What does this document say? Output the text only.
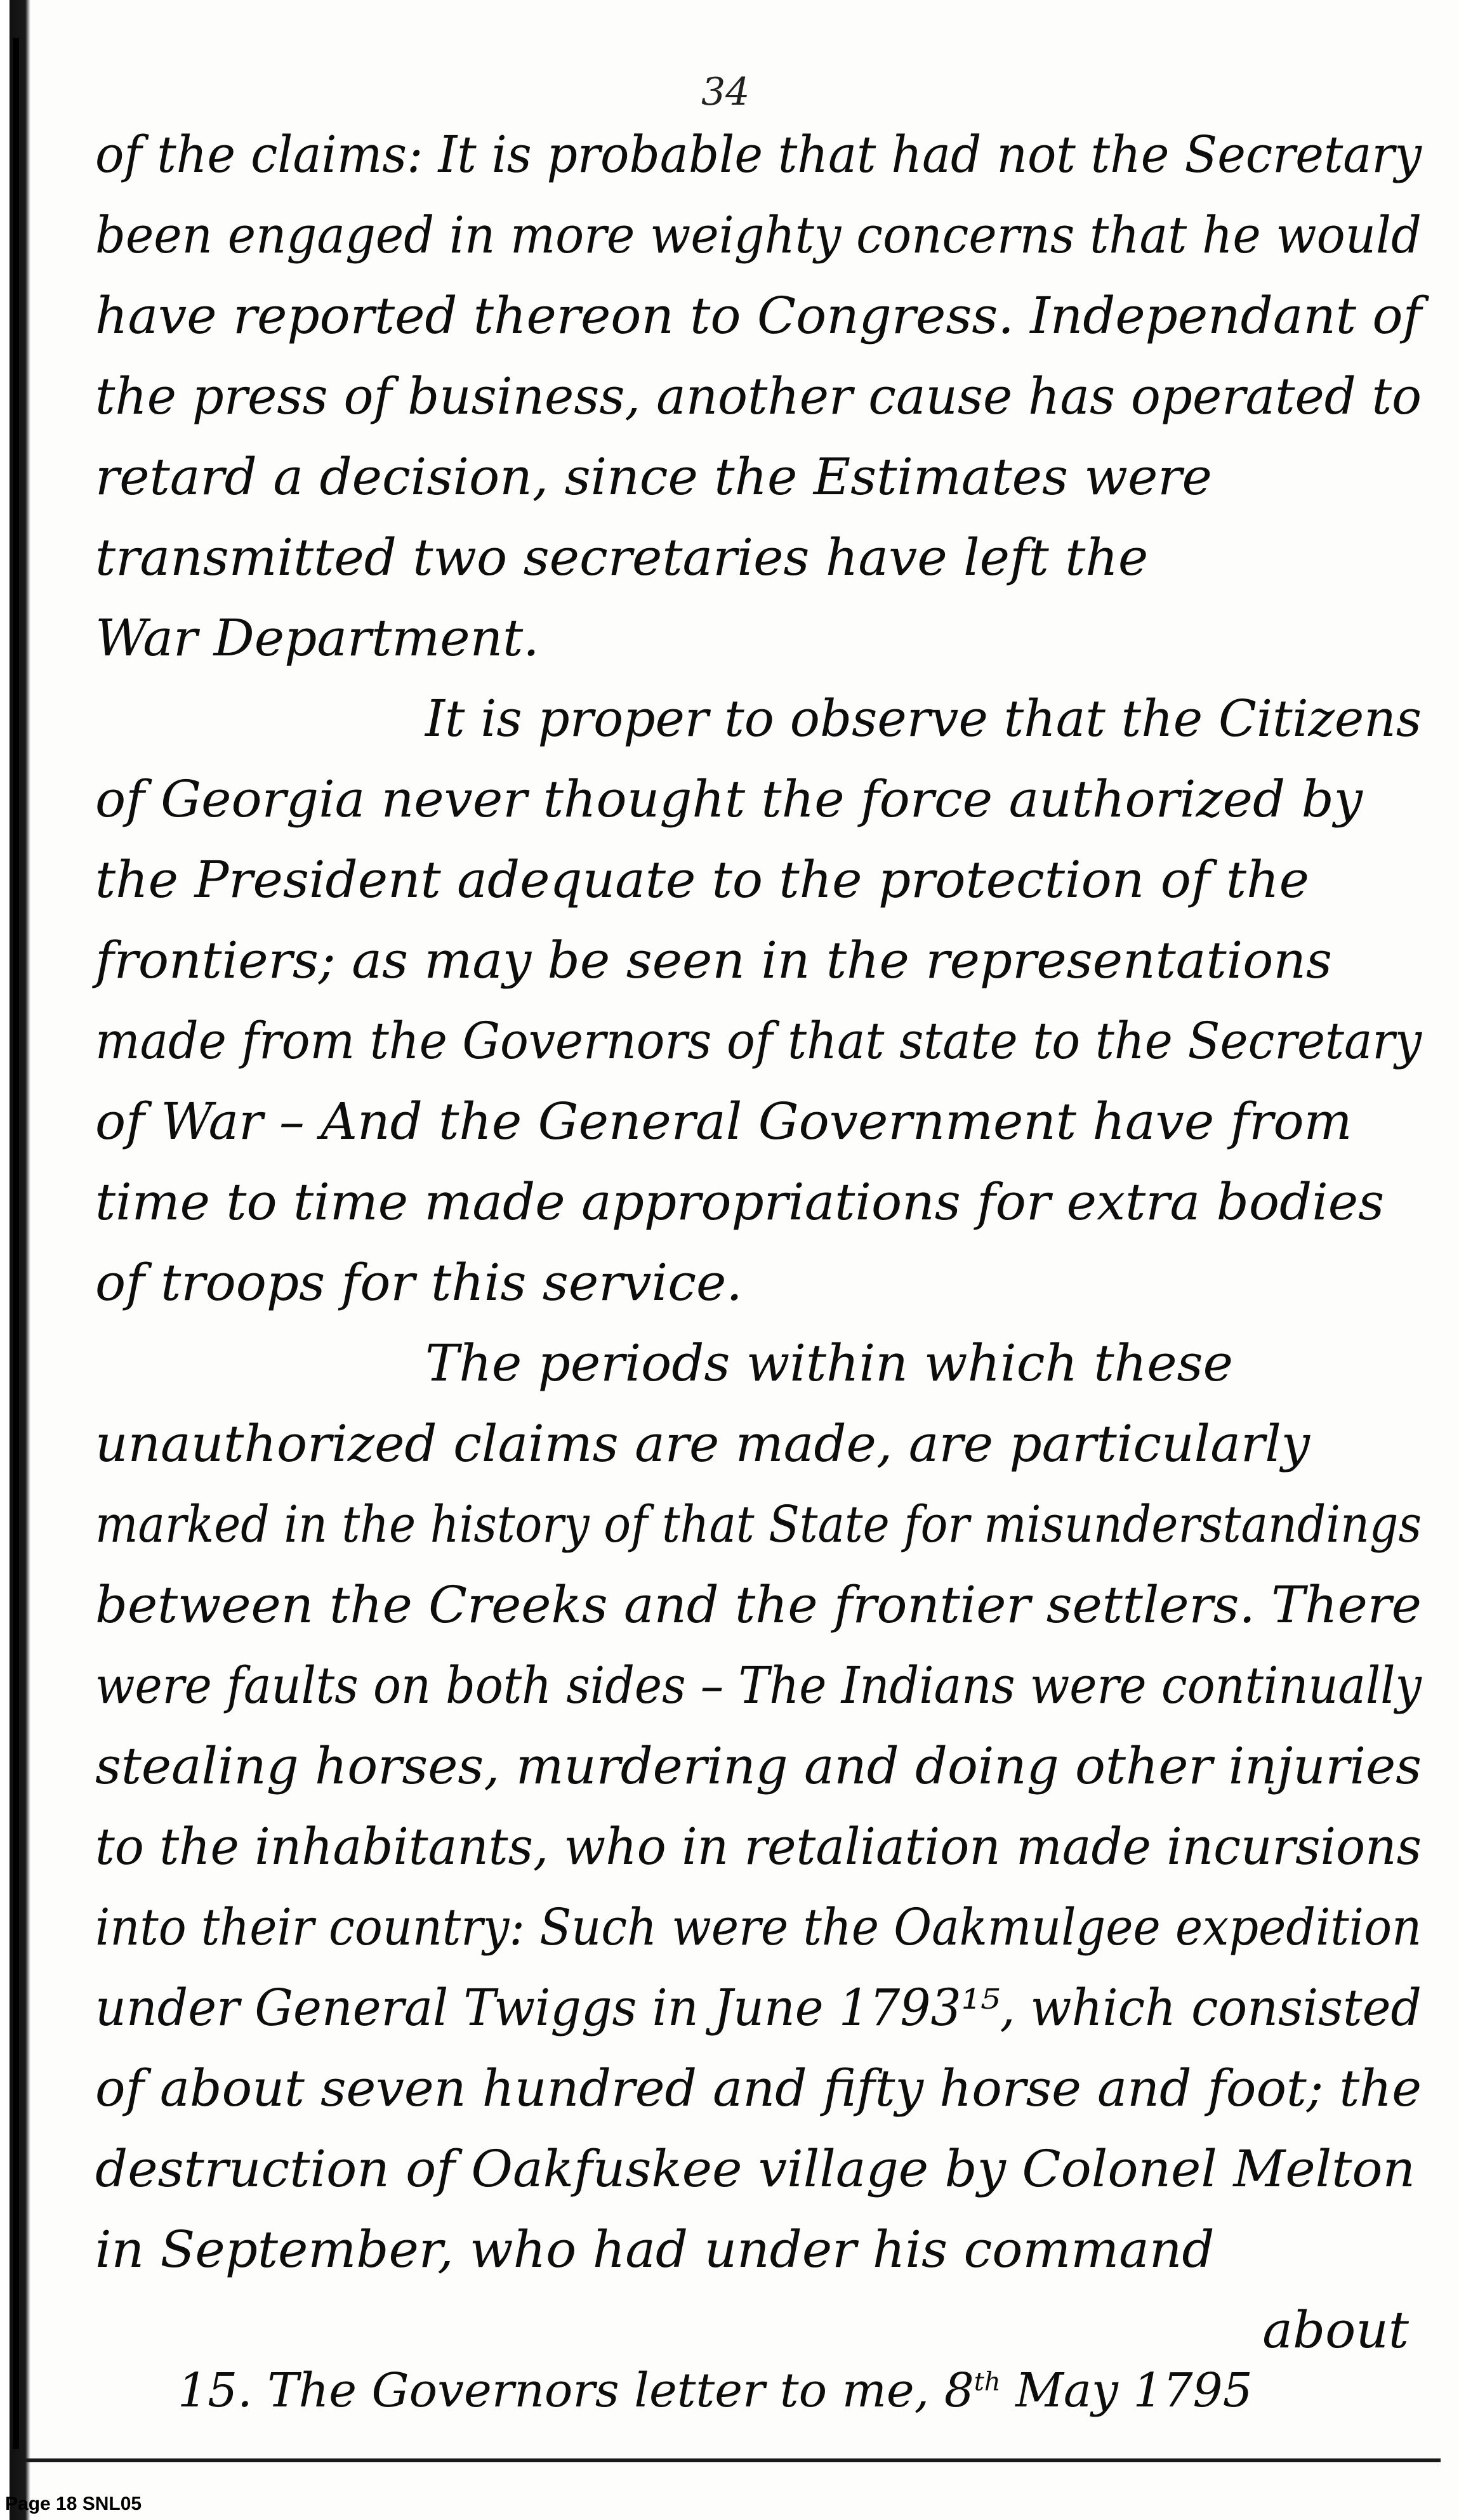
34
of the claims: It is probable that had not the Secretary
been engaged in more weighty concerns that he would
have reported thereon to Congress. Independant of
the press of business, another cause has operated to
retard a decision, since the Estimates were
transmitted two secretaries have left the
War Department.
It is proper to observe that the Citizens
of Georgia never thought the force authorized by
the President adequate to the protection of the
frontiers; as may be seen in the representations
made from the Governors of that state to the Secretary
of War – And the General Government have from
time to time made appropriations for extra bodies
of troops for this service.
The periods within which these
unauthorized claims are made, are particularly
marked in the history of that State for misunderstandings
between the Creeks and the frontier settlers. There
were faults on both sides – The Indians were continually
stealing horses, murdering and doing other injuries
to the inhabitants, who in retaliation made incursions
into their country: Such were the Oakmulgee expedition
under General Twiggs in June 1793¹⁵, which consisted
of about seven hundred and fifty horse and foot; the
destruction of Oakfuskee village by Colonel Melton
in September, who had under his command
about
15. The Governors letter to me, 8th May 1795
Page 18 SNL05
